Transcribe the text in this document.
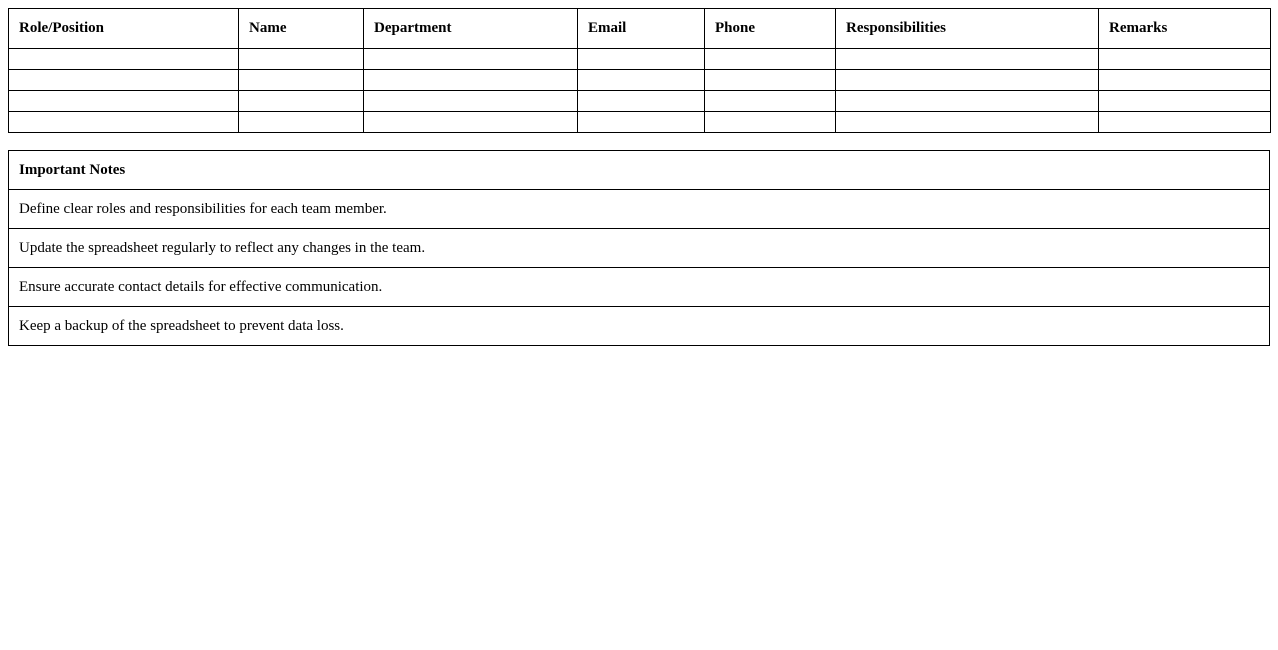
Role/Position	Name	Department	Email	Phone	Responsibilities	Remarks

Important Notes
Define clear roles and responsibilities for each team member.
Update the spreadsheet regularly to reflect any changes in the team.
Ensure accurate contact details for effective communication.
Keep a backup of the spreadsheet to prevent data loss.
